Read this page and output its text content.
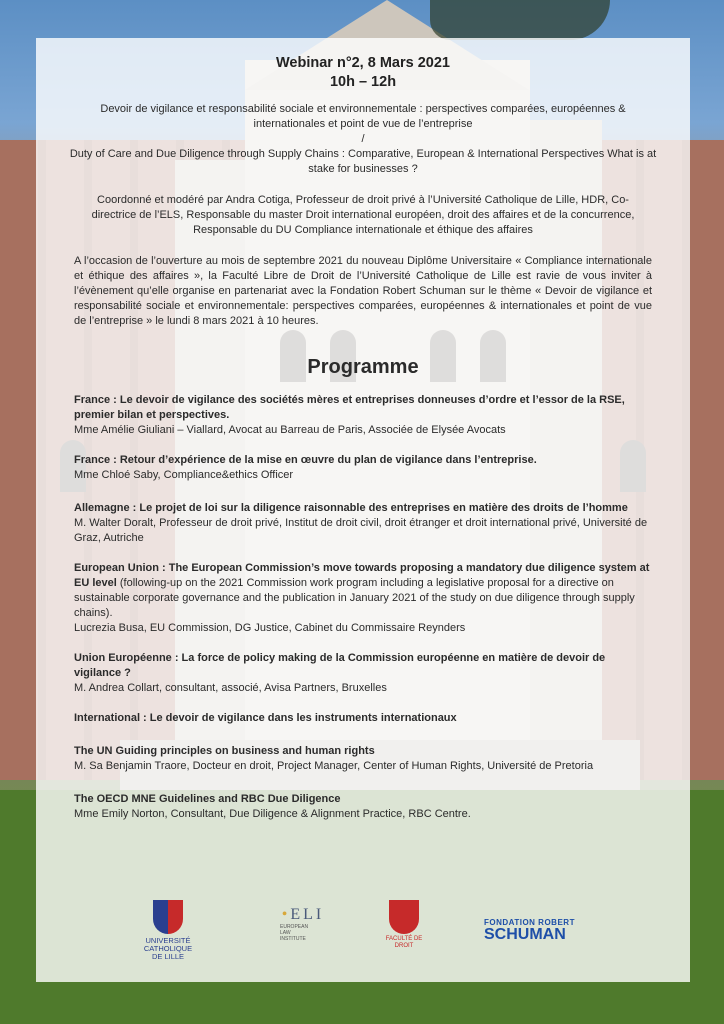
Webinar n°2, 8 Mars 2021
10h – 12h
Devoir de vigilance et responsabilité sociale et environnementale : perspectives comparées, européennes & internationales et point de vue de l’entreprise
/
Duty of Care and Due Diligence through Supply Chains : Comparative, European & International Perspectives What is at stake for businesses ?
Coordonné et modéré par Andra Cotiga, Professeur de droit privé à l’Université Catholique de Lille, HDR, Co-directrice de l’ELS, Responsable du master Droit international européen, droit des affaires et de la concurrence, Responsable du DU Compliance internationale et éthique des affaires
A l’occasion de l’ouverture au mois de septembre 2021 du nouveau Diplôme Universitaire « Compliance internationale et éthique des affaires », la Faculté Libre de Droit de l’Université Catholique de Lille est ravie de vous inviter à l’évènement qu’elle organise en partenariat avec la Fondation Robert Schuman sur le thème « Devoir de vigilance et responsabilité sociale et environnementale: perspectives comparées, européennes & internationales et point de vue de l’entreprise » le lundi 8 mars 2021 à 10 heures.
Programme
France : Le devoir de vigilance des sociétés mères et entreprises donneuses d’ordre et l’essor de la RSE, premier bilan et perspectives.
Mme Amélie Giuliani – Viallard, Avocat au Barreau de Paris, Associée de Elysée Avocats
France : Retour d’expérience de la mise en œuvre du plan de vigilance dans l’entreprise.
Mme Chloé Saby, Compliance&ethics Officer
Allemagne : Le projet de loi sur la diligence raisonnable des entreprises en matière des droits de l’homme
M. Walter Doralt, Professeur de droit privé, Institut de droit civil, droit étranger et droit international privé, Université de Graz, Autriche
European Union : The European Commission’s move towards proposing a mandatory due diligence system at EU level (following-up on the 2021 Commission work program including a legislative proposal for a directive on sustainable corporate governance and the publication in January 2021 of the study on due diligence through supply chains).
Lucrezia Busa, EU Commission, DG Justice, Cabinet du Commissaire Reynders
Union Européenne : La force de policy making de la Commission européenne en matière de devoir de vigilance ?
M. Andrea Collart, consultant, associé, Avisa Partners, Bruxelles
International : Le devoir de vigilance dans les instruments internationaux
The UN Guiding principles on business and human rights
M. Sa Benjamin Traore, Docteur en droit, Project Manager, Center of Human Rights, Université de Pretoria
The OECD MNE Guidelines and RBC Due Diligence
Mme Emily Norton, Consultant, Due Diligence & Alignment Practice, RBC Centre.
UNIVERSITÉ
CATHOLIQUE
DE LILLE
•ELI
EUROPEAN
LAW
INSTITUTE	FACULTÉ DE
DROIT
FONDATION ROBERT
SCHUMAN
